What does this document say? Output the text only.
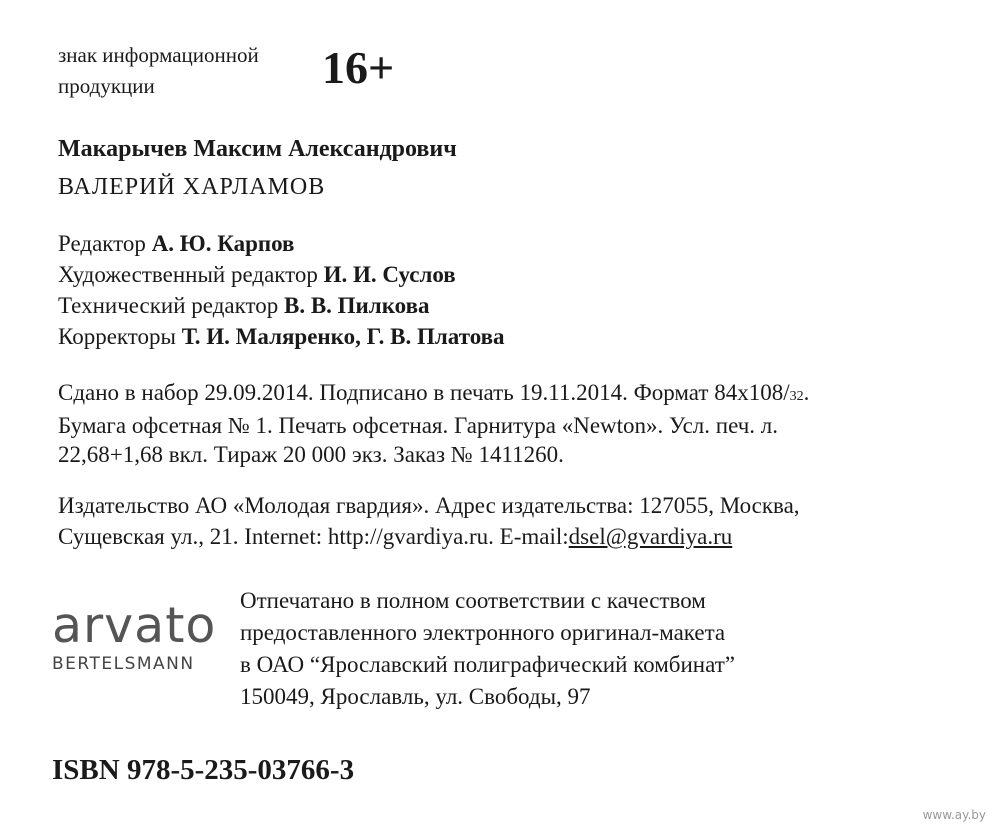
знак информационной
продукции	16+
Макарычев Максим Александрович
ВАЛЕРИЙ ХАРЛАМОВ
Редактор А. Ю. Карпов
Художественный редактор И. И. Суслов
Технический редактор В. В. Пилкова
Корректоры Т. И. Маляренко, Г. В. Платова
Сдано в набор 29.09.2014. Подписано в печать 19.11.2014. Формат 84х108/32.
Бумага офсетная № 1. Печать офсетная. Гарнитура «Newton». Усл. печ. л.
22,68+1,68 вкл. Тираж 20 000 экз. Заказ № 1411260.
Издательство АО «Молодая гвардия». Адрес издательства: 127055, Москва,
Сущевская ул., 21. Internet: http://gvardiya.ru. E-mail:dsel@gvardiya.ru
arvato
BERTELSMANN
Отпечатано в полном соответствии с качеством
предоставленного электронного оригинал-макета
в ОАО “Ярославский полиграфический комбинат”
150049, Ярославль, ул. Свободы, 97
ISBN 978-5-235-03766-3
www.ay.by
